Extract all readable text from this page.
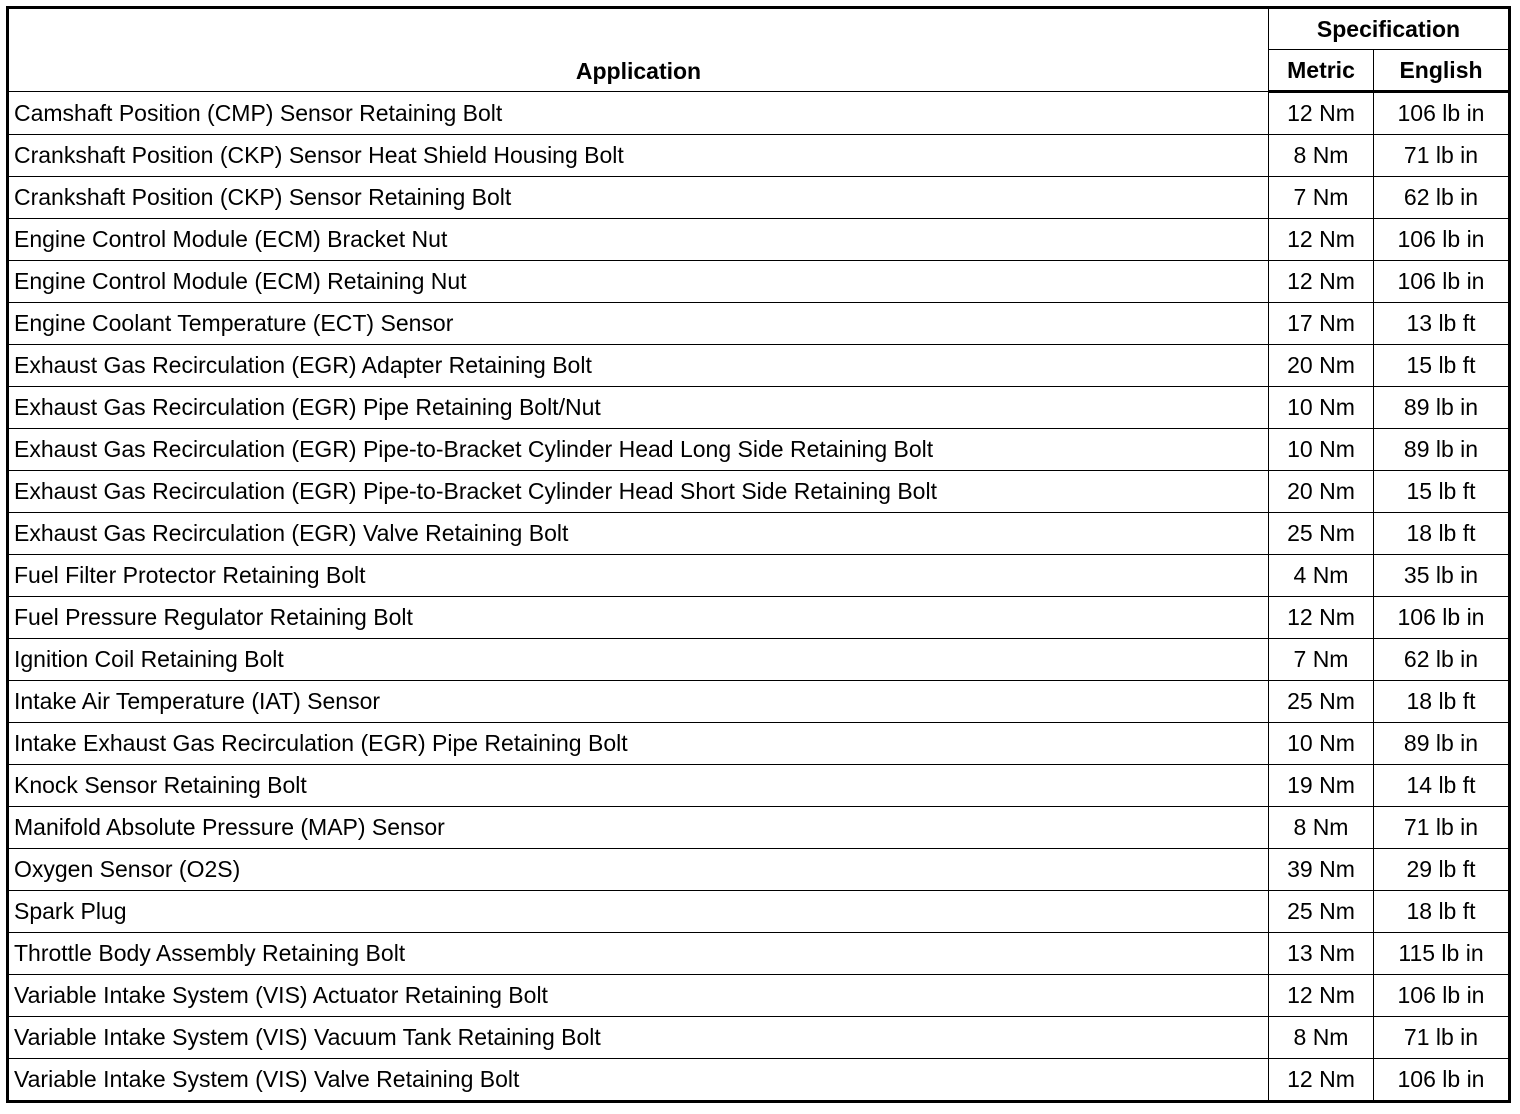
Application	Specification	
	Metric	English
Camshaft Position (CMP) Sensor Retaining Bolt	12 Nm	106 lb in
Crankshaft Position (CKP) Sensor Heat Shield Housing Bolt	8 Nm	71 lb in
Crankshaft Position (CKP) Sensor Retaining Bolt	7 Nm	62 lb in
Engine Control Module (ECM) Bracket Nut	12 Nm	106 lb in
Engine Control Module (ECM) Retaining Nut	12 Nm	106 lb in
Engine Coolant Temperature (ECT) Sensor	17 Nm	13 lb ft
Exhaust Gas Recirculation (EGR) Adapter Retaining Bolt	20 Nm	15 lb ft
Exhaust Gas Recirculation (EGR) Pipe Retaining Bolt/Nut	10 Nm	89 lb in
Exhaust Gas Recirculation (EGR) Pipe-to-Bracket Cylinder Head Long Side Retaining Bolt	10 Nm	89 lb in
Exhaust Gas Recirculation (EGR) Pipe-to-Bracket Cylinder Head Short Side Retaining Bolt	20 Nm	15 lb ft
Exhaust Gas Recirculation (EGR) Valve Retaining Bolt	25 Nm	18 lb ft
Fuel Filter Protector Retaining Bolt	4 Nm	35 lb in
Fuel Pressure Regulator Retaining Bolt	12 Nm	106 lb in
Ignition Coil Retaining Bolt	7 Nm	62 lb in
Intake Air Temperature (IAT) Sensor	25 Nm	18 lb ft
Intake Exhaust Gas Recirculation (EGR) Pipe Retaining Bolt	10 Nm	89 lb in
Knock Sensor Retaining Bolt	19 Nm	14 lb ft
Manifold Absolute Pressure (MAP) Sensor	8 Nm	71 lb in
Oxygen Sensor (O2S)	39 Nm	29 lb ft
Spark Plug	25 Nm	18 lb ft
Throttle Body Assembly Retaining Bolt	13 Nm	115 lb in
Variable Intake System (VIS) Actuator Retaining Bolt	12 Nm	106 lb in
Variable Intake System (VIS) Vacuum Tank Retaining Bolt	8 Nm	71 lb in
Variable Intake System (VIS) Valve Retaining Bolt	12 Nm	106 lb in
